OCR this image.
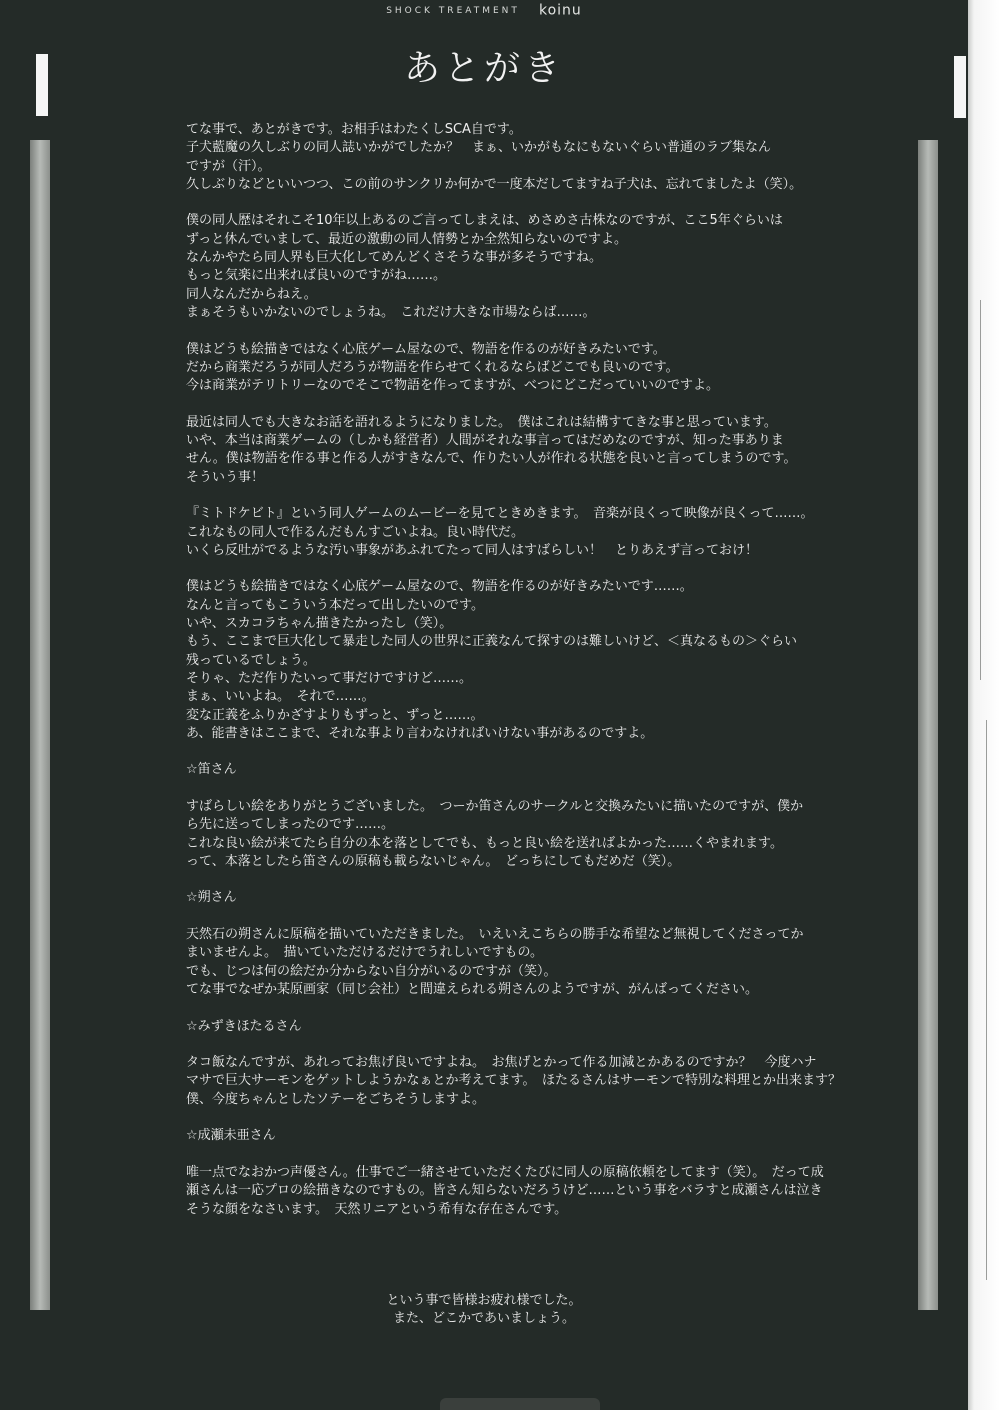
SHOCK TREATMENT koinu
あとがき
てな事で、あとがきです。お相手はわたくしSCA自です。
子犬藍魔の久しぶりの同人誌いかがでしたか？　まぁ、いかがもなにもないぐらい普通のラブ集なん
ですが（汗）。
久しぶりなどといいつつ、この前のサンクリか何かで一度本だしてますね子犬は、忘れてましたよ（笑）。
僕の同人歴はそれこそ10年以上あるのご言ってしまえは、めさめさ古株なのですが、ここ5年ぐらいは
ずっと休んでいまして、最近の激動の同人情勢とか全然知らないのですよ。
なんかやたら同人界も巨大化してめんどくさそうな事が多そうですね。
もっと気楽に出来れば良いのですがね……。
同人なんだからねえ。
まぁそうもいかないのでしょうね。　これだけ大きな市場ならば……。
僕はどうも絵描きではなく心底ゲーム屋なので、物語を作るのが好きみたいです。
だから商業だろうが同人だろうが物語を作らせてくれるならばどこでも良いのです。
今は商業がテリトリーなのでそこで物語を作ってますが、べつにどこだっていいのですよ。
最近は同人でも大きなお話を語れるようになりました。　僕はこれは結構すてきな事と思っています。
いや、本当は商業ゲームの（しかも経営者）人間がそれな事言ってはだめなのですが、知った事ありま
せん。僕は物語を作る事と作る人がすきなんで、作りたい人が作れる状態を良いと言ってしまうのです。
そういう事！
『ミトドケビト』という同人ゲームのムービーを見てときめきます。　音楽が良くって映像が良くって……。
これなもの同人で作るんだもんすごいよね。良い時代だ。
いくら反吐がでるような汚い事象があふれてたって同人はすばらしい！　とりあえず言っておけ！
僕はどうも絵描きではなく心底ゲーム屋なので、物語を作るのが好きみたいです……。
なんと言ってもこういう本だって出したいのです。
いや、スカコラちゃん描きたかったし（笑）。
もう、ここまで巨大化して暴走した同人の世界に正義なんて探すのは難しいけど、＜真なるもの＞ぐらい
残っているでしょう。
そりゃ、ただ作りたいって事だけですけど……。
まぁ、いいよね。　それで……。
変な正義をふりかざすよりもずっと、ずっと……。
あ、能書きはここまで、それな事より言わなければいけない事があるのですよ。
☆笛さん
すばらしい絵をありがとうございました。　つーか笛さんのサークルと交換みたいに描いたのですが、僕か
ら先に送ってしまったのです……。
これな良い絵が来てたら自分の本を落としてでも、もっと良い絵を送ればよかった……くやまれます。
って、本落としたら笛さんの原稿も載らないじゃん。　どっちにしてもだめだ（笑）。
☆朔さん
天然石の朔さんに原稿を描いていただきました。　いえいえこちらの勝手な希望など無視してくださってか
まいませんよ。　描いていただけるだけでうれしいですもの。
でも、じつは何の絵だか分からない自分がいるのですが（笑）。
てな事でなぜか某原画家（同じ会社）と間違えられる朔さんのようですが、がんばってください。
☆みずきほたるさん
タコ飯なんですが、あれってお焦げ良いですよね。　お焦げとかって作る加減とかあるのですか？　今度ハナ
マサで巨大サーモンをゲットしようかなぁとか考えてます。　ほたるさんはサーモンで特別な料理とか出来ます？
僕、今度ちゃんとしたソテーをごちそうしますよ。
☆成瀬未亜さん
唯一点でなおかつ声優さん。仕事でご一緒させていただくたびに同人の原稿依頼をしてます（笑）。　だって成
瀬さんは一応プロの絵描きなのですもの。皆さん知らないだろうけど……という事をバラすと成瀬さんは泣き
そうな顔をなさいます。　天然リニアという希有な存在さんです。
という事で皆様お疲れ様でした。
また、どこかであいましょう。
